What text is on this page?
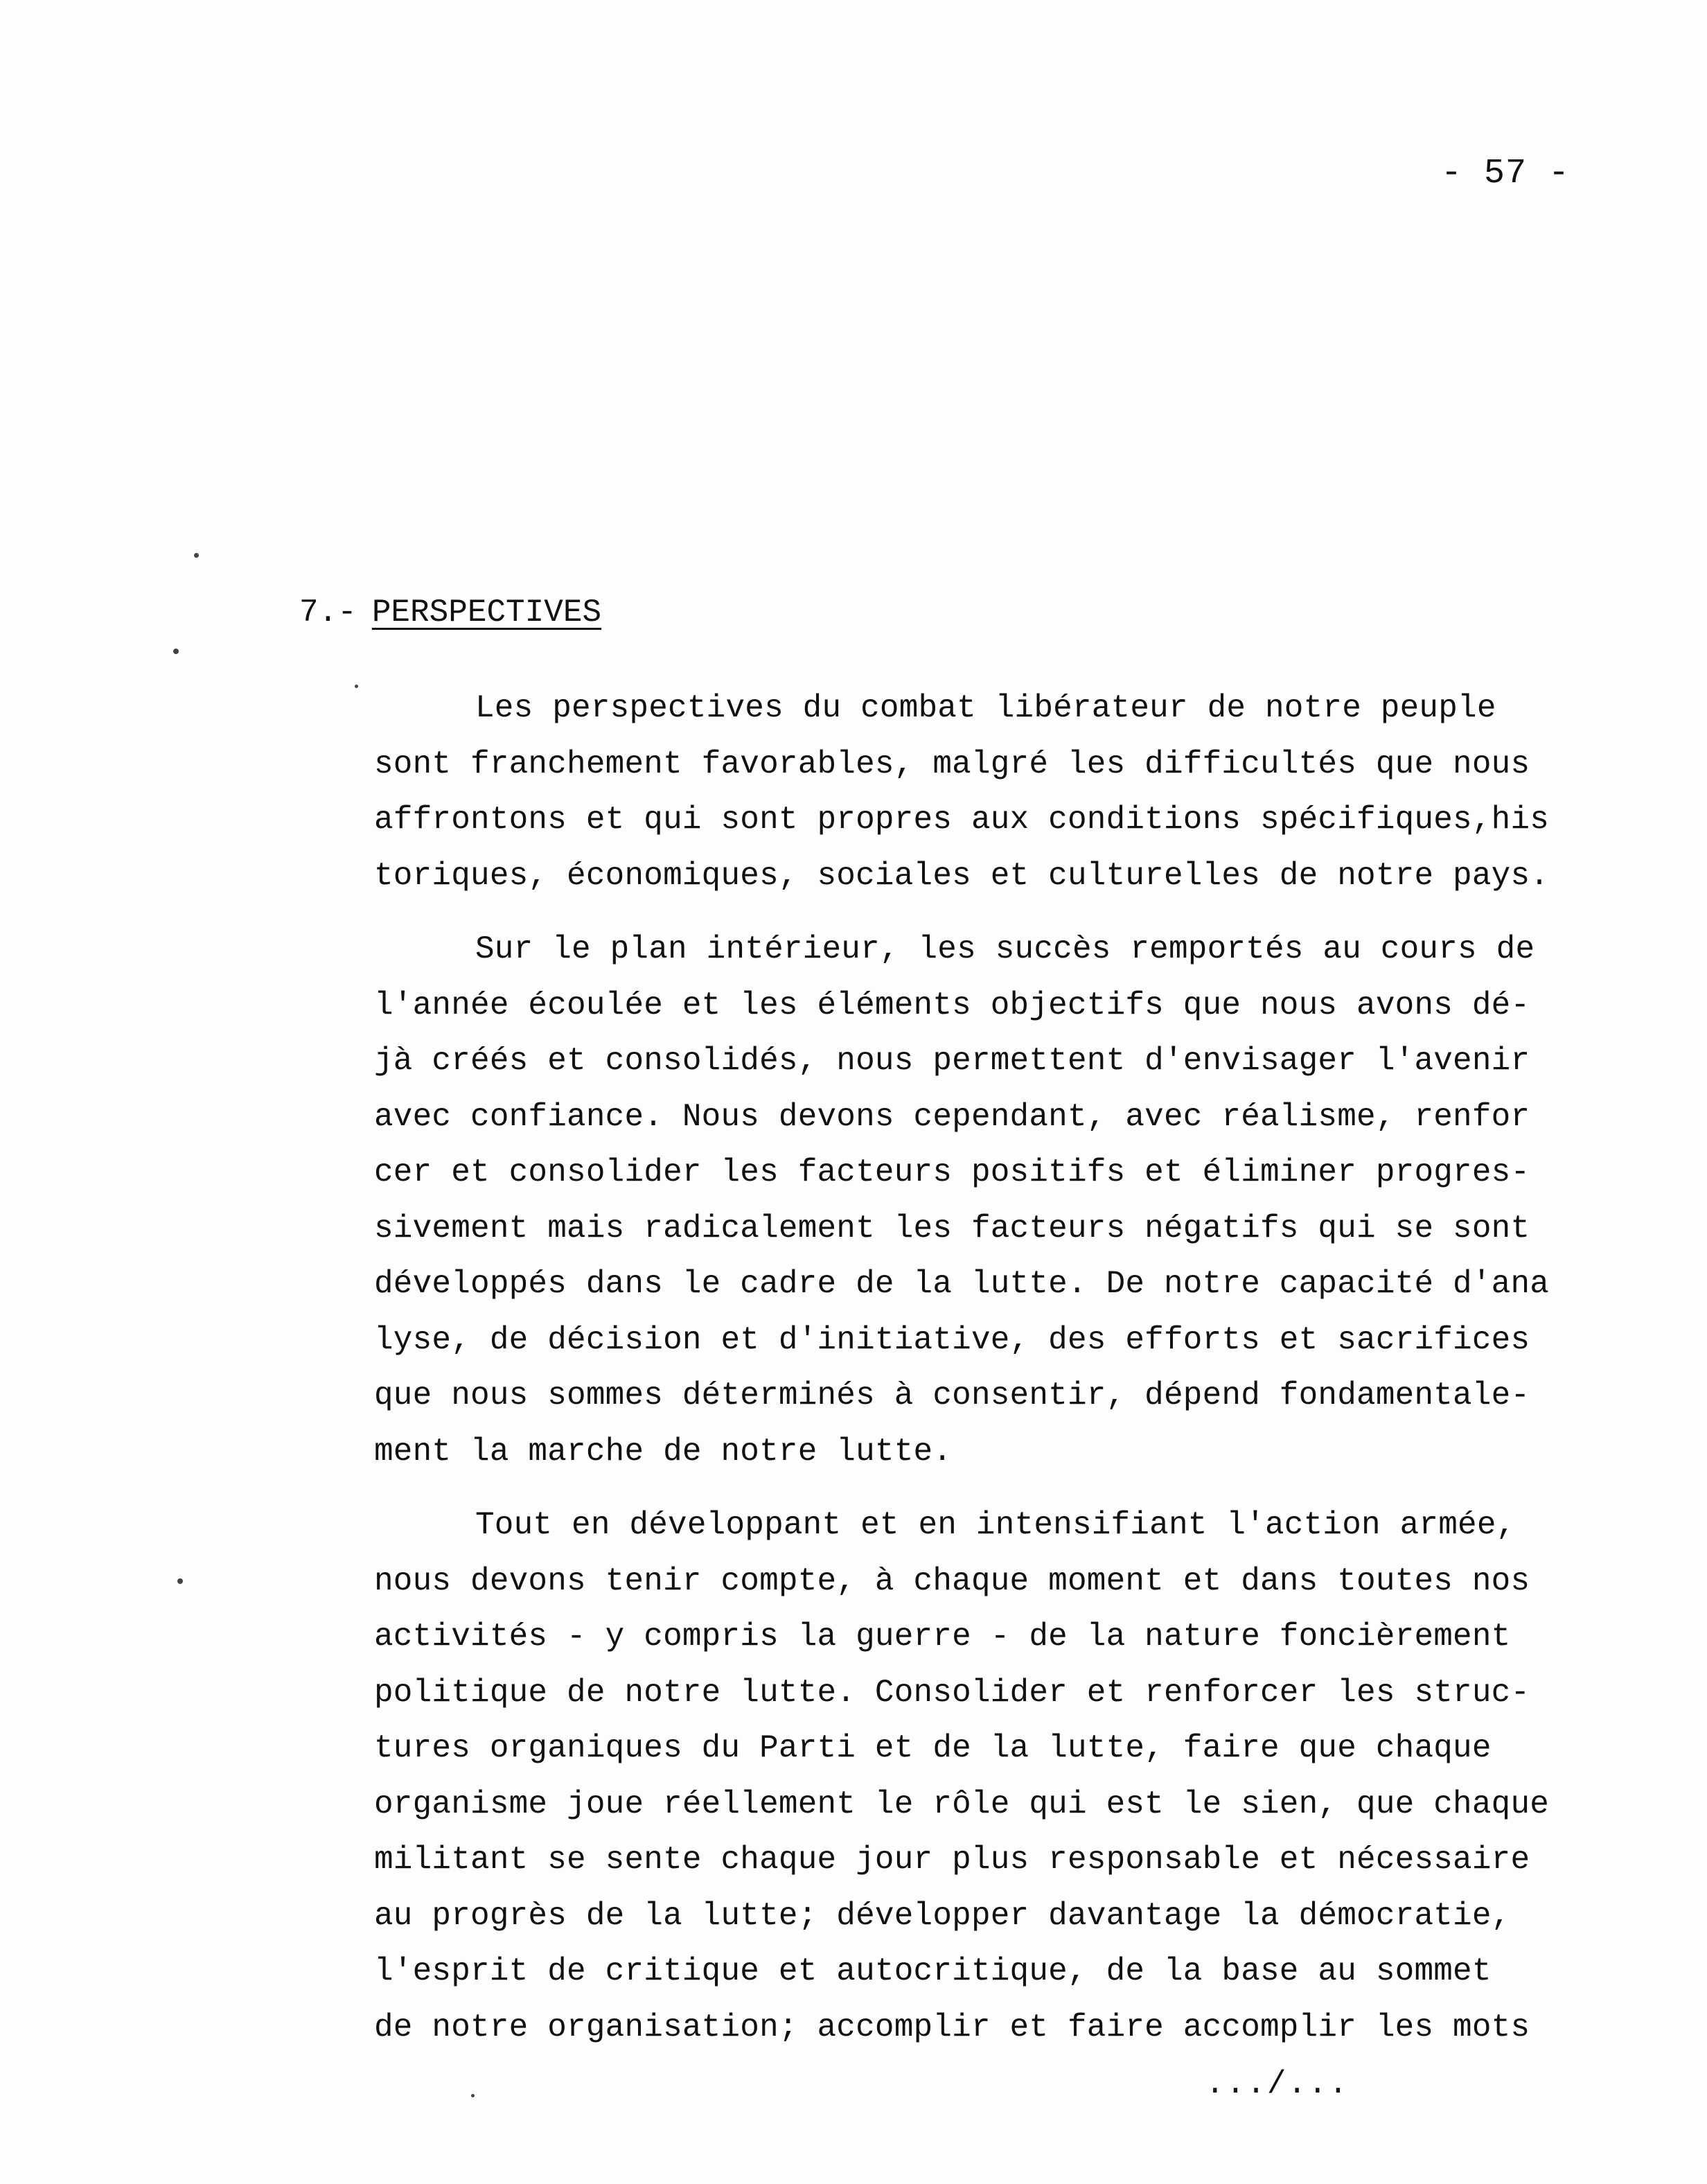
- 57 -
7.- PERSPECTIVES
Les perspectives du combat libérateur de notre peuple
sont franchement favorables, malgré les difficultés que nous
affrontons et qui sont propres aux conditions spécifiques,his
toriques, économiques, sociales et culturelles de notre pays.
Sur le plan intérieur, les succès remportés au cours de
l'année écoulée et les éléments objectifs que nous avons dé-
jà créés et consolidés, nous permettent d'envisager l'avenir
avec confiance. Nous devons cependant, avec réalisme, renfor
cer et consolider les facteurs positifs et éliminer progres-
sivement mais radicalement les facteurs négatifs qui se sont
développés dans le cadre de la lutte. De notre capacité d'ana
lyse, de décision et d'initiative, des efforts et sacrifices
que nous sommes déterminés à consentir, dépend fondamentale-
ment la marche de notre lutte.
Tout en développant et en intensifiant l'action armée,
nous devons tenir compte, à chaque moment et dans toutes nos
activités - y compris la guerre - de la nature foncièrement
politique de notre lutte. Consolider et renforcer les struc-
tures organiques du Parti et de la lutte, faire que chaque
organisme joue réellement le rôle qui est le sien, que chaque
militant se sente chaque jour plus responsable et nécessaire
au progrès de la lutte; développer davantage la démocratie,
l'esprit de critique et autocritique, de la base au sommet
de notre organisation; accomplir et faire accomplir les mots
.../...
